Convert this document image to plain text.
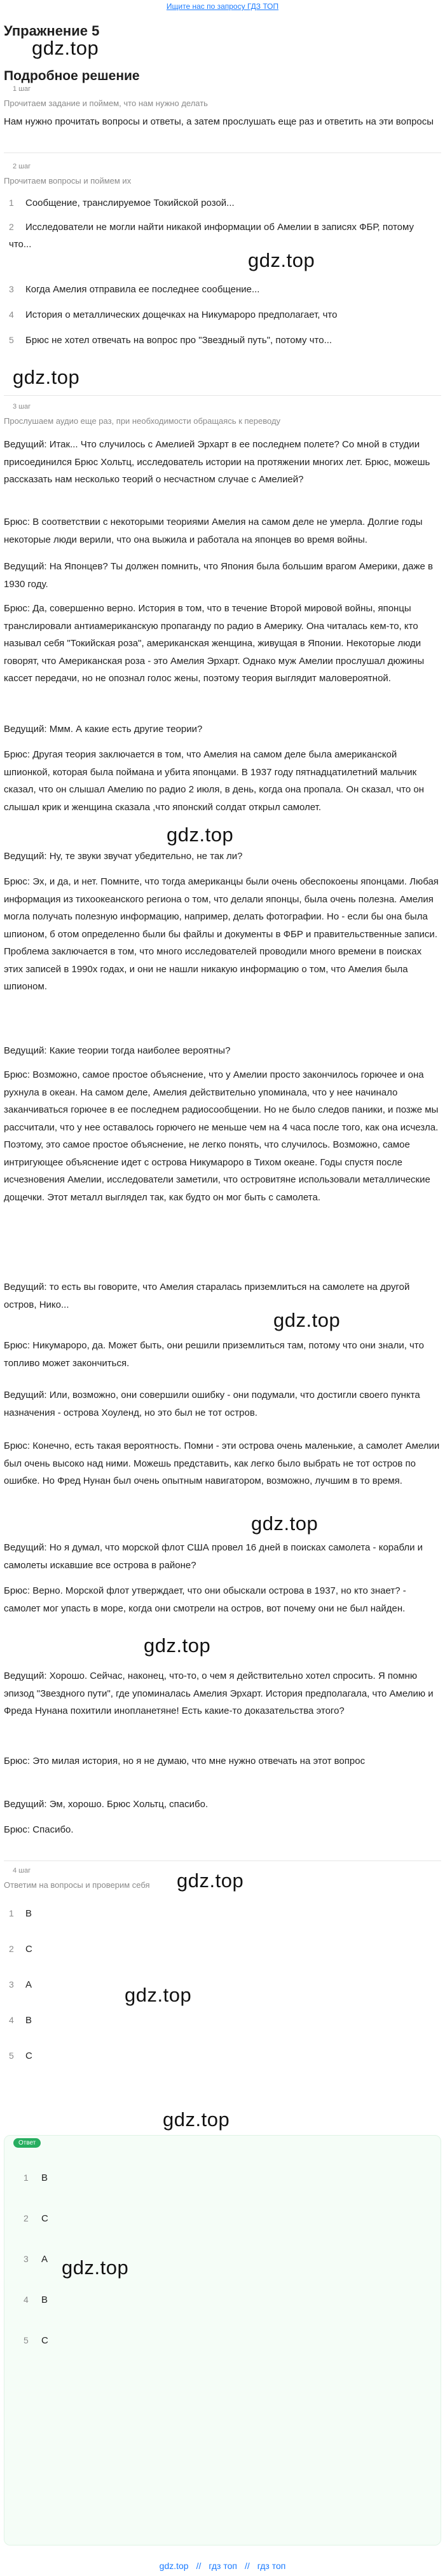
Ищите нас по запросу ГДЗ ТОП
Упражнение 5
gdz.top
Подробное решение
1 шаг
Прочитаем задание и поймем, что нам нужно делать
Нам нужно прочитать вопросы и ответы, а затем прослушать еще раз и ответить на эти вопросы
2 шаг
Прочитаем вопросы и поймем их
1 Сообщение, транслируемое Токийской розой...
2 Исследователи не могли найти никакой информации об Амелии в записях ФБР, потому что...
gdz.top
3 Когда Амелия отправила ее последнее сообщение...
4 История о металлических дощечках на Никумароро предполагает, что
5 Брюс не хотел отвечать на вопрос про "Звездный путь", потому что...
gdz.top
3 шаг
Прослушаем аудио еще раз, при необходимости обращаясь к переводу
Ведущий: Итак... Что случилось с Амелией Эрхарт в ее последнем полете? Со мной в студии присоединился Брюс Хольтц, исследователь истории на протяжении многих лет. Брюс, можешь рассказать нам несколько теорий о несчастном случае с Амелией?
Брюс: В соответствии с некоторыми теориями Амелия на самом деле не умерла. Долгие годы некоторые люди верили, что она выжила и работала на японцев во время войны.
Ведущий: На Японцев? Ты должен помнить, что Япония была большим врагом Америки, даже в 1930 году.
Брюс: Да, совершенно верно. История в том, что в течение Второй мировой войны, японцы транслировали антиамериканскую пропаганду по радио в Америку. Она читалась кем-то, кто называл себя "Токийская роза", американская женщина, живущая в Японии. Некоторые люди говорят, что Американская роза - это Амелия Эрхарт. Однако муж Амелии прослушал дюжины кассет передачи, но не опознал голос жены, поэтому теория выглядит маловероятной.
Ведущий: Ммм. А какие есть другие теории?
Брюс: Другая теория заключается в том, что Амелия на самом деле была американской шпионкой, которая была поймана и убита японцами. В 1937 году пятнадцатилетний мальчик сказал, что он слышал Амелию по радио 2 июля, в день, когда она пропала. Он сказал, что он слышал крик и женщина сказала ,что японский солдат открыл самолет.
gdz.top
Ведущий: Ну, те звуки звучат убедительно, не так ли?
Брюс: Эх, и да, и нет. Помните, что тогда американцы были очень обеспокоены японцами. Любая информация из тихоокеанского региона о том, что делали японцы, была очень полезна. Амелия могла получать полезную информацию, например, делать фотографии. Но - если бы она была шпионом, б отом определенно были бы файлы и документы в ФБР и правительственные записи. Проблема заключается в том, что много исследователей проводили много времени в поисках этих записей в 1990х годах, и они не нашли никакую информацию о том, что Амелия была шпионом.
Ведущий: Какие теории тогда наиболее вероятны?
Брюс: Возможно, самое простое объяснение, что у Амелии просто закончилось горючее и она рухнула в океан. На самом деле, Амелия действительно упоминала, что у нее начинало заканчиваться горючее в ее последнем радиосообщении. Но не было следов паники, и позже мы рассчитали, что у нее оставалось горючего не меньше чем на 4 часа после того, как она исчезла. Поэтому, это самое простое объяснение, не легко понять, что случилось. Возможно, самое интригующее объяснение идет с острова Никумароро в Тихом океане. Годы спустя после исчезновения Амелии, исследователи заметили, что островитяне использовали металлические дощечки. Этот металл выглядел так, как будто он мог быть с самолета.
Ведущий: то есть вы говорите, что Амелия старалась приземлиться на самолете на другой остров, Нико...
gdz.top
Брюс: Никумароро, да. Может быть, они решили приземлиться там, потому что они знали, что топливо может закончиться.
Ведущий: Или, возможно, они совершили ошибку - они подумали, что достигли своего пункта назначения - острова Хоуленд, но это был не тот остров.
Брюс: Конечно, есть такая вероятность. Помни - эти острова очень маленькие, а самолет Амелии был очень высоко над ними. Можешь представить, как легко было выбрать не тот остров по ошибке. Но Фред Нунан был очень опытным навигатором, возможно, лучшим в то время.
gdz.top
Ведущий: Но я думал, что морской флот США провел 16 дней в поисках самолета - корабли и самолеты искавшие все острова в районе?
Брюс: Верно. Морской флот утверждает, что они обыскали острова в 1937, но кто знает? - самолет мог упасть в море, когда они смотрели на остров, вот почему они не был найден.
gdz.top
Ведущий: Хорошо. Сейчас, наконец, что-то, о чем я действительно хотел спросить. Я помню эпизод "Звездного пути", где упоминалась Амелия Эрхарт. История предполагала, что Амелию и Фреда Нунана похитили инопланетяне! Есть какие-то доказательства этого?
Брюс: Это милая история, но я не думаю, что мне нужно отвечать на этот вопрос
Ведущий: Эм, хорошо. Брюс Хольтц, спасибо.
Брюс: Спасибо.
4 шаг
Ответим на вопросы и проверим себя	gdz.top
1 B
2 C
gdz.top
3 A
4 B
5 C
gdz.top
Ответ
1 B
2 C
3 A gdz.top
4 B
5 C
gdz.top // гдз топ // гдз топ
